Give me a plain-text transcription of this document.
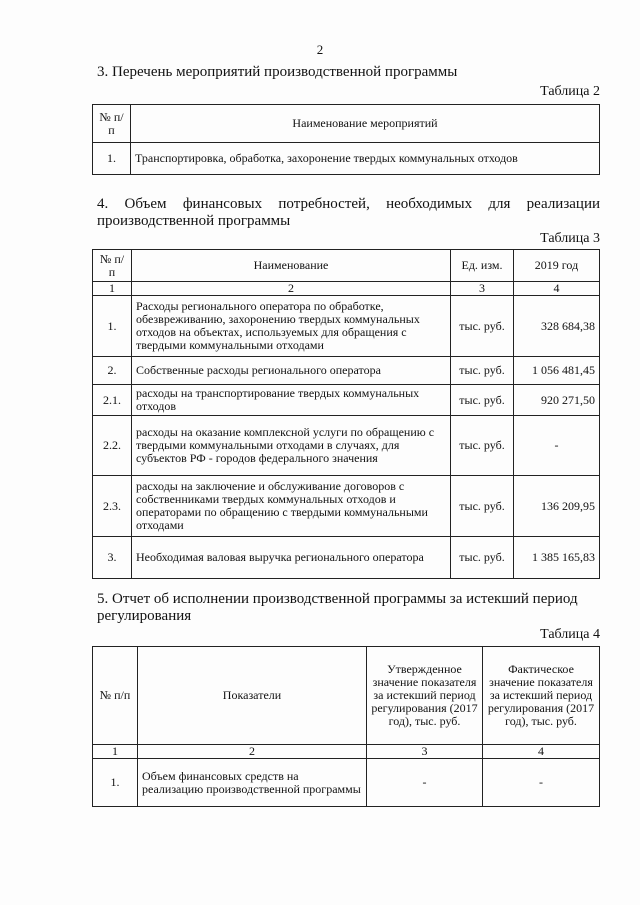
2
3. Перечень мероприятий производственной программы
Таблица 2
№ п/п	Наименование мероприятий
1.	Транспортировка, обработка, захоронение твердых коммунальных отходов
4. Объем финансовых потребностей, необходимых для реализации
производственной программы
Таблица 3
№ п/п	Наименование	Ед. изм.	2019 год
1	2	3	4
1.	Расходы регионального оператора по обработке, обезвреживанию, захоронению твердых коммунальных отходов на объектах, используемых для обращения с твердыми коммунальными отходами	тыс. руб.	328 684,38
2.	Собственные расходы регионального оператора	тыс. руб.	1 056 481,45
2.1.	расходы на транспортирование твердых коммунальных отходов	тыс. руб.	920 271,50
2.2.	расходы на оказание комплексной услуги по обращению с твердыми коммунальными отходами в случаях, для субъектов РФ - городов федерального значения	тыс. руб.	-
2.3.	расходы на заключение и обслуживание договоров с собственниками твердых коммунальных отходов и операторами по обращению с твердыми коммунальными отходами	тыс. руб.	136 209,95
3.	Необходимая валовая выручка регионального оператора	тыс. руб.	1 385 165,83
5. Отчет об исполнении производственной программы за истекший период
регулирования
Таблица 4
№ п/п	Показатели	Утвержденное значение показателя за истекший период регулирования (2017 год), тыс. руб.	Фактическое значение показателя за истекший период регулирования (2017 год), тыс. руб.
1	2	3	4
1.	Объем финансовых средств на реализацию производственной программы	-	-
